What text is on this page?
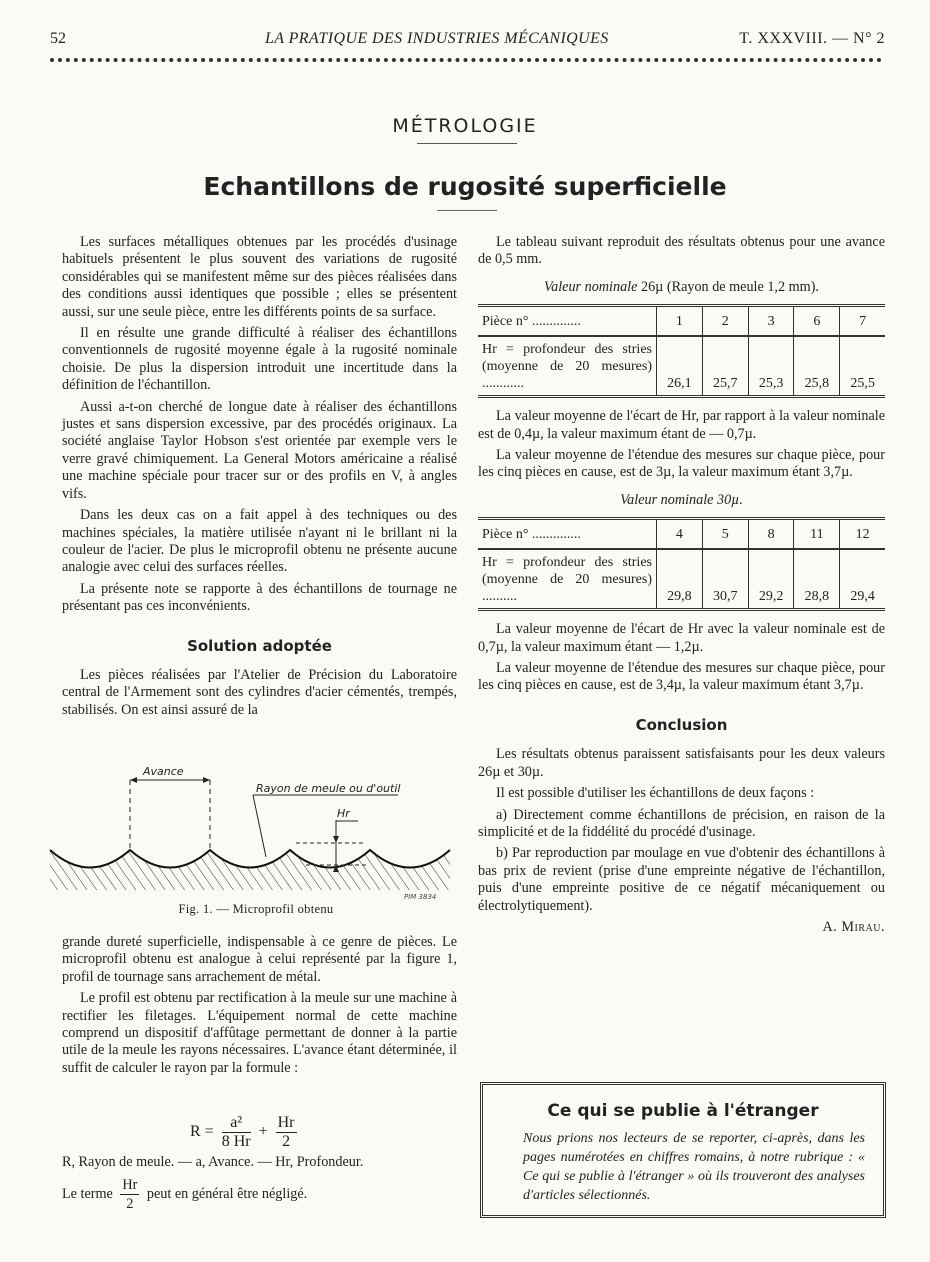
52	LA PRATIQUE DES INDUSTRIES MÉCANIQUES	T. XXXVIII. — N° 2
MÉTROLOGIE
Echantillons de rugosité superficielle

Les surfaces métalliques obtenues par les procédés d'usinage habituels présentent le plus souvent des variations de rugosité considérables qui se manifestent même sur des pièces réalisées dans des conditions aussi identiques que possible ; elles se présentent aussi, sur une seule pièce, entre les différents points de sa surface.

Il en résulte une grande difficulté à réaliser des échantillons conventionnels de rugosité moyenne égale à la rugosité nominale choisie. De plus la dispersion introduit une incertitude dans la définition de l'échantillon.

Aussi a-t-on cherché de longue date à réaliser des échantillons justes et sans dispersion excessive, par des procédés originaux. La société anglaise Taylor Hobson s'est orientée par exemple vers le verre gravé chimiquement. La General Motors américaine a réalisé une machine spéciale pour tracer sur or des profils en V, à angles vifs.

Dans les deux cas on a fait appel à des techniques ou des machines spéciales, la matière utilisée n'ayant ni le brillant ni la couleur de l'acier. De plus le microprofil obtenu ne présente aucune analogie avec celui des surfaces réelles.

La présente note se rapporte à des échantillons de tournage ne présentant pas ces inconvénients.

Solution adoptée

Les pièces réalisées par l'Atelier de Précision du Laboratoire central de l'Armement sont des cylindres d'acier cémentés, trempés, stabilisés. On est ainsi assuré de la

Avance
Rayon de meule ou d'outil
Hr
PIM 3834
Fig. 1. — Microprofil obtenu

grande dureté superficielle, indispensable à ce genre de pièces. Le microprofil obtenu est analogue à celui représenté par la figure 1, profil de tournage sans arrachement de métal.

Le profil est obtenu par rectification à la meule sur une machine à rectifier les filetages. L'équipement normal de cette machine comprend un dispositif d'affûtage permettant de donner à la partie utile de la meule les rayons nécessaires. L'avance étant déterminée, il suffit de calculer le rayon par la formule :

$R = \frac{\text{a²}}{8 Hr} + \frac{Hr}{2}$
R, Rayon de meule. — a, Avance. — Hr, Profondeur.
Le terme $\frac{Hr}{2}$ peut en général être négligé.

Le tableau suivant reproduit des résultats obtenus pour une avance de 0,5 mm.

Valeur nominale 26µ (Rayon de meule 1,2 mm).
Pièce n° ..............	1	2	3	6	7
Hr = profondeur des stries (moyenne de 20 mesures) ............	26,1	25,7	25,3	25,8	25,5

La valeur moyenne de l'écart de Hr, par rapport à la valeur nominale est de 0,4µ, la valeur maximum étant de — 0,7µ.

La valeur moyenne de l'étendue des mesures sur chaque pièce, pour les cinq pièces en cause, est de 3µ, la valeur maximum étant 3,7µ.

Valeur nominale 30µ.
Pièce n° ..............	4	5	8	11	12
Hr = profondeur des stries (moyenne de 20 mesures) ..........	29,8	30,7	29,2	28,8	29,4

La valeur moyenne de l'écart de Hr avec la valeur nominale est de 0,7µ, la valeur maximum étant — 1,2µ.

La valeur moyenne de l'étendue des mesures sur chaque pièce, pour les cinq pièces en cause, est de 3,4µ, la valeur maximum étant 3,7µ.

Conclusion

Les résultats obtenus paraissent satisfaisants pour les deux valeurs 26µ et 30µ.

Il est possible d'utiliser les échantillons de deux façons :

a) Directement comme échantillons de précision, en raison de la simplicité et de la fiddélité du procédé d'usinage.

b) Par reproduction par moulage en vue d'obtenir des échantillons à bas prix de revient (prise d'une empreinte négative de l'échantillon, puis d'une empreinte positive de ce négatif mécaniquement ou électrolytiquement).

A. Mirau.
Ce qui se publie à l'étranger
Nous prions nos lecteurs de se reporter, ci-après, dans les pages numérotées en chiffres romains, à notre rubrique : « Ce qui se publie à l'étranger » où ils trouveront des analyses d'articles sélectionnés.
